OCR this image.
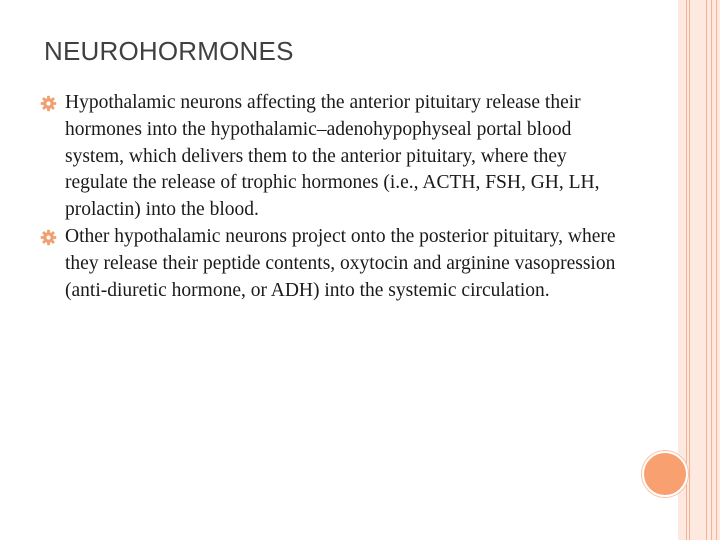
NEUROHORMONES
Hypothalamic neurons affecting the anterior pituitary release their hormones into the hypothalamic–adenohypophyseal portal blood system, which delivers them to the anterior pituitary, where they regulate the release of trophic hormones (i.e., ACTH, FSH, GH, LH, prolactin) into the blood.
Other hypothalamic neurons project onto the posterior pituitary, where they release their peptide contents, oxytocin and arginine vasopression (anti-diuretic hormone, or ADH) into the systemic circulation.
